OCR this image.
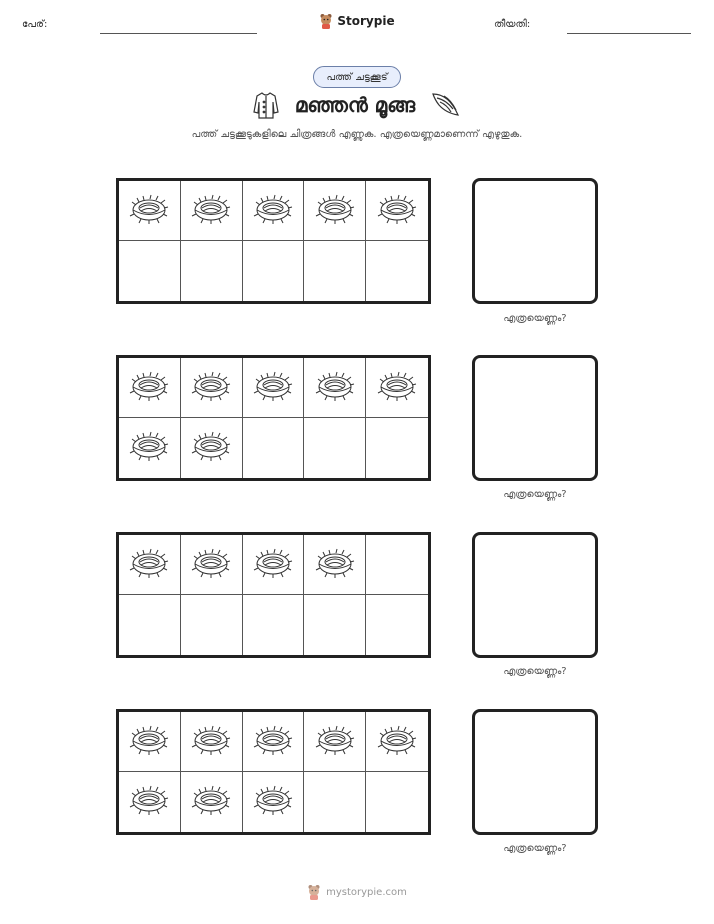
പേര്:	Storypie	തീയതി:
പത്ത് ചട്ടക്കൂട്
മഞ്ഞൻ മൂങ്ങ
പത്ത് ചട്ടക്കൂടുകളിലെ ചിത്രങ്ങൾ എണ്ണുക. എത്രയെണ്ണമാണെന്ന് എഴുതുക.
എത്രയെണ്ണം?
എത്രയെണ്ണം?
എത്രയെണ്ണം?
എത്രയെണ്ണം?
mystorypie.com
